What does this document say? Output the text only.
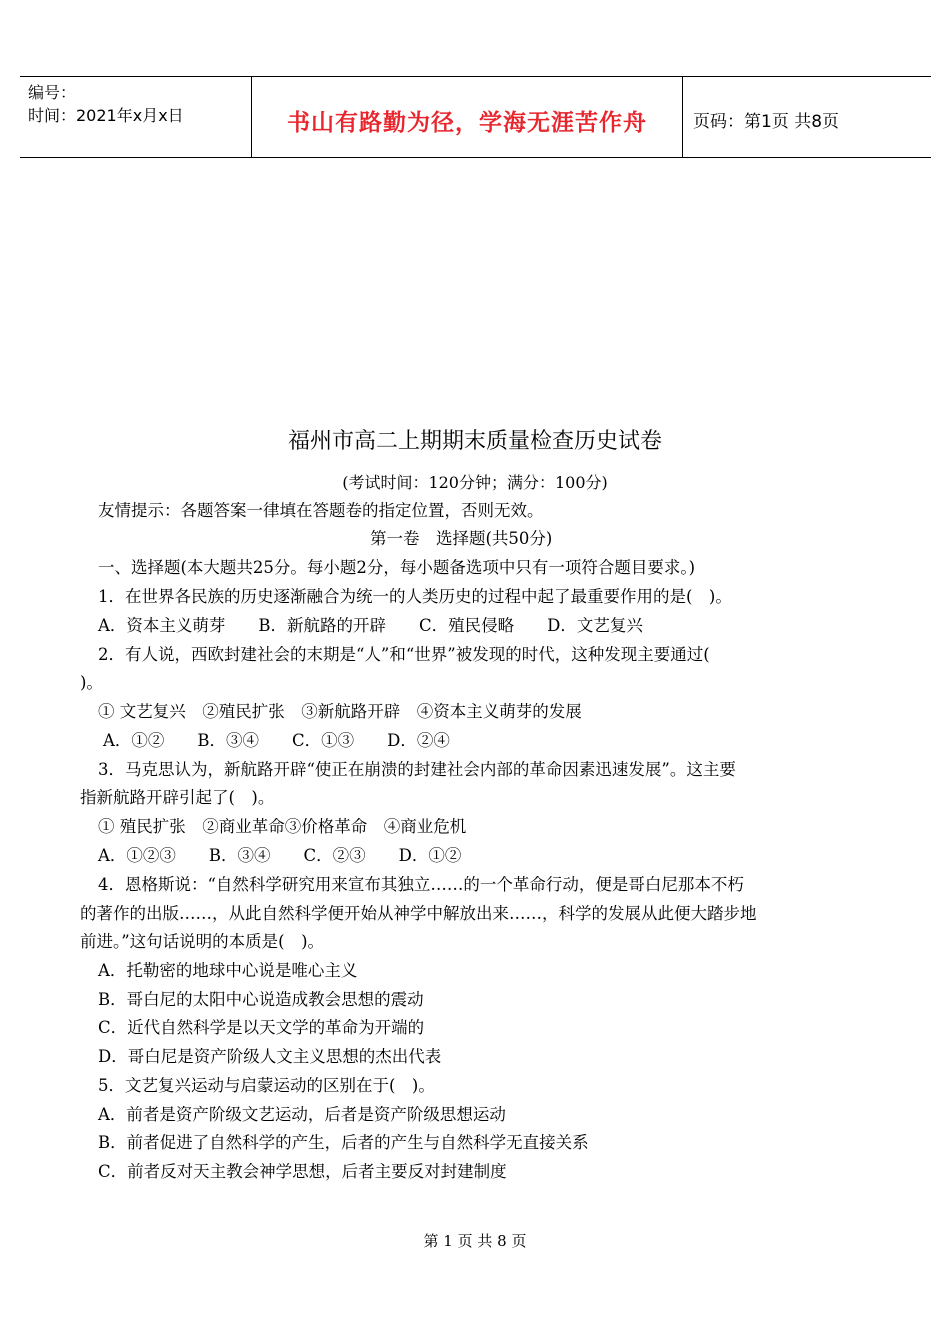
编号：
时间：2021年x月x日	书山有路勤为径，学海无涯苦作舟	页码：第1页 共8页
福州市高二上期期末质量检查历史试卷
(考试时间：120分钟；满分：100分)
友情提示：各题答案一律填在答题卷的指定位置，否则无效。
第一卷　选择题(共50分)
一、选择题(本大题共25分。每小题2分，每小题备选项中只有一项符合题目要求。)
1．在世界各民族的历史逐渐融合为统一的人类历史的过程中起了最重要作用的是(　)。
A．资本主义萌芽　　B．新航路的开辟　　C．殖民侵略　　D．文艺复兴
2．有人说，西欧封建社会的末期是“人”和“世界”被发现的时代，这种发现主要通过(
)。
① 文艺复兴　②殖民扩张　③新航路开辟　④资本主义萌芽的发展
A．①②　　B．③④　　C．①③　　D．②④
3．马克思认为，新航路开辟“使正在崩溃的封建社会内部的革命因素迅速发展”。这主要
指新航路开辟引起了(　)。
① 殖民扩张　②商业革命③价格革命　④商业危机
A．①②③　　B．③④　　C．②③　　D．①②
4．恩格斯说：“自然科学研究用来宣布其独立……的一个革命行动，便是哥白尼那本不朽
的著作的出版……，从此自然科学便开始从神学中解放出来……，科学的发展从此便大踏步地
前进。”这句话说明的本质是(　)。
A．托勒密的地球中心说是唯心主义
B．哥白尼的太阳中心说造成教会思想的震动
C．近代自然科学是以天文学的革命为开端的
D．哥白尼是资产阶级人文主义思想的杰出代表
5．文艺复兴运动与启蒙运动的区别在于(　)。
A．前者是资产阶级文艺运动，后者是资产阶级思想运动
B．前者促进了自然科学的产生，后者的产生与自然科学无直接关系
C．前者反对天主教会神学思想，后者主要反对封建制度
第 1 页 共 8 页
